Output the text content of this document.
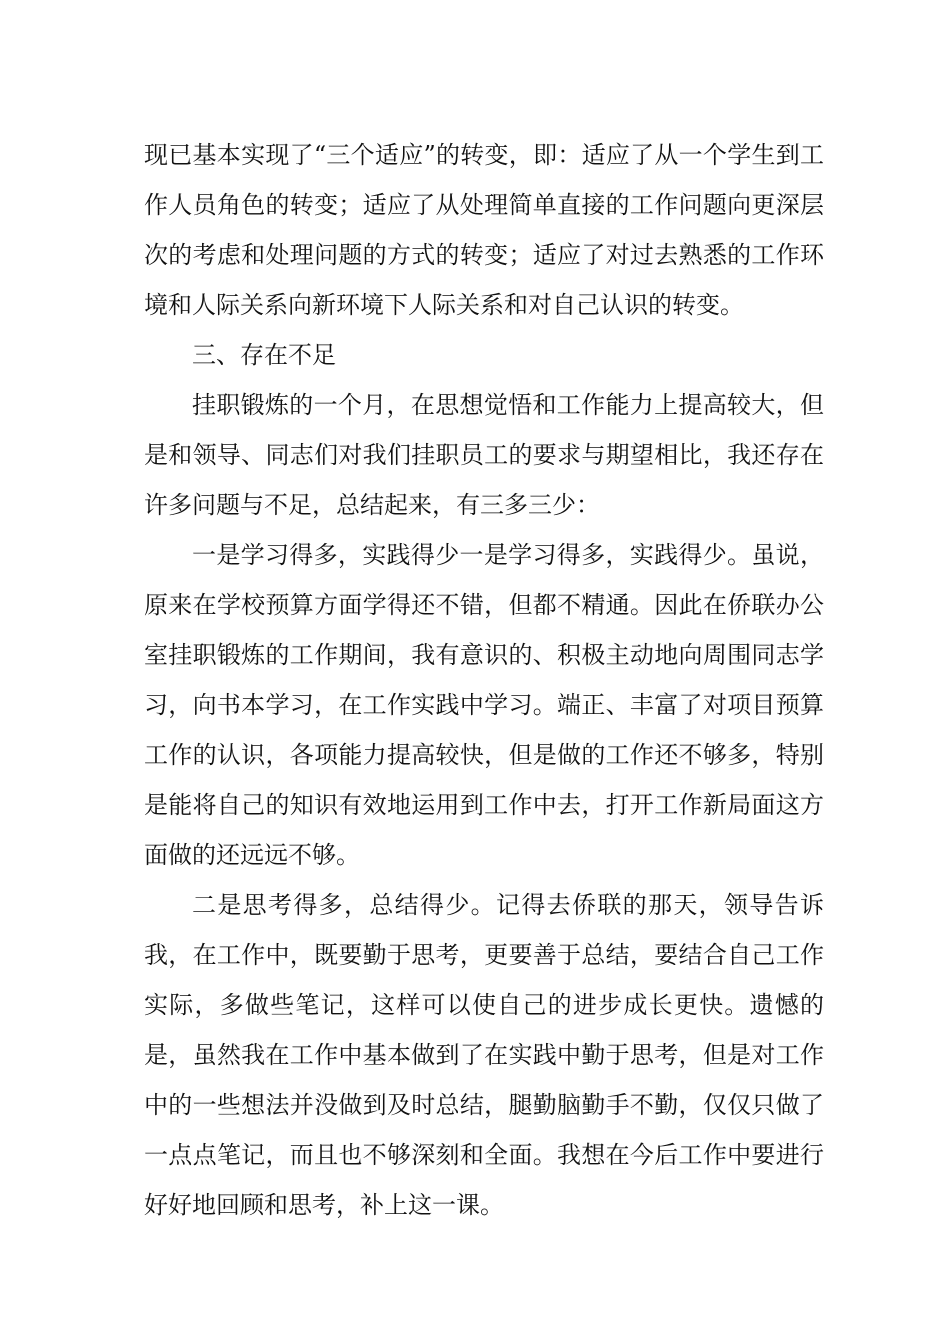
现已基本实现了“三个适应”的转变，即：适应了从一个学生到工作人员角色的转变；适应了从处理简单直接的工作问题向更深层次的考虑和处理问题的方式的转变；适应了对过去熟悉的工作环境和人际关系向新环境下人际关系和对自己认识的转变。

三、存在不足

挂职锻炼的一个月，在思想觉悟和工作能力上提高较大，但是和领导、同志们对我们挂职员工的要求与期望相比，我还存在许多问题与不足，总结起来，有三多三少：

一是学习得多，实践得少一是学习得多，实践得少。虽说，原来在学校预算方面学得还不错，但都不精通。因此在侨联办公室挂职锻炼的工作期间，我有意识的、积极主动地向周围同志学习，向书本学习，在工作实践中学习。端正、丰富了对项目预算工作的认识，各项能力提高较快，但是做的工作还不够多，特别是能将自己的知识有效地运用到工作中去，打开工作新局面这方面做的还远远不够。

二是思考得多，总结得少。记得去侨联的那天，领导告诉我，在工作中，既要勤于思考，更要善于总结，要结合自己工作实际，多做些笔记，这样可以使自己的进步成长更快。遗憾的是，虽然我在工作中基本做到了在实践中勤于思考，但是对工作中的一些想法并没做到及时总结，腿勤脑勤手不勤，仅仅只做了一点点笔记，而且也不够深刻和全面。我想在今后工作中要进行好好地回顾和思考，补上这一课。
